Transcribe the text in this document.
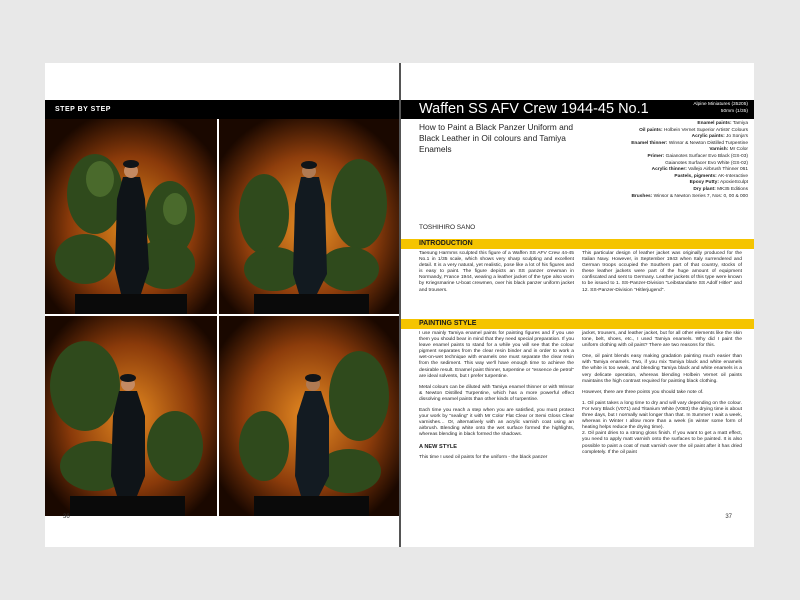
STEP BY STEP
36
Waffen SS AFV Crew 1944-45 No.1	Alpine Miniatures (35205)
50mm (1/35)
How to Paint a Black Panzer Uniform and Black Leather in Oil colours and Tamiya Enamels
Enamel paints: Tamiya
Oil paints: Holbein Vernet Superior Artists' Colours
Acrylic paints: Jo Sonja's
Enamel thinner: Winsor & Newton Distilled Turpentine
Varnish: Mr Color
Primer: Gaianotes Surfacer Evo Black (GS-03)
Gaianotes Surfacer Evo White (GS-02)
Acrylic thinner: Vallejo Airbrush Thinner 061
Pastels, pigments: AK-Interactive
Epoxy Putty: ApoxieSculpt
Dry plant: MK35 Editions
Brushes: Winsor & Newton Series 7, Nos: 0, 00 & 000
TOSHIHIRO SANO

This particular design of leather jacket was originally produced for the Italian Navy. However, in September 1943 when Italy surrendered and German troops occupied the Southern part of that country, stocks of these leather jackets were part of the huge amount of equipment confiscated and sent to Germany. Leather jackets of this type were known to be issued to 1. SS-Panzer-Division "Leibstandarte SS Adolf Hitler" and 12. SS-Panzer-Division "Hitlerjugend".

jacket, trousers, and leather jacket, but for all other elements like the skin tone, belt, shoes, etc., I used Tamiya enamels. Why did I paint the uniform clothing with oil paint? There are two reasons for this.

One, oil paint blends easy making gradation painting much easier than with Tamiya enamels. Two, if you mix Tamiya black and white enamels the white is too weak, and blending Tamiya black and white enamels is a very delicate operation, whereas blending Holbein Vernet oil paints maintains the high contrast required for painting black clothing.

However, there are three points you should take note of.

1. Oil paint takes a long time to dry and will vary depending on the colour. For Ivory Black (V071) and Titanium White (V083) the drying time is about three days, but I normally wait longer than that. In Summer I wait a week, whereas in Winter I allow more than a week (in winter some form of heating helps reduce the drying time).

2. Oil paint dries to a strong gloss finish. If you want to get a matt effect, you need to apply matt varnish onto the surfaces to be painted. It is also possible to paint a coat of matt varnish over the oil paint after it has dried completely. If the oil paint

37
INTRODUCTION

Taesung Harmms sculpted this figure of a Waffen SS AFV Crew 44-45 No.1 in 1/35 scale, which shows very sharp sculpting and excellent detail. It is a very natural, yet realistic, pose like a lot of his figures and is easy to paint. The figure depicts an SS panzer crewman in Normandy, France 1944, wearing a leather jacket of the type also worn by Kriegsmarine U-boat crewmen, over his black panzer uniform jacket and trousers.

PAINTING STYLE

I use mainly Tamiya enamel paints for painting figures and if you use them you should bear in mind that they need special preparation. If you leave enamel paints to stand for a while you will see that the colour pigment separates from the clear resin binder and in order to work a wet-on-wet technique with enamels one must separate the clear resin from the sediment. This way we'll have enough time to achieve the desirable result. Enamel paint thinner, turpentine or "essence de petrol" are ideal solvents, but I prefer turpentine.

Metal colours can be diluted with Tamiya enamel thinner or with Winsor & Newton Distilled Turpentine, which has a more powerful effect dissolving enamel paints than other kinds of turpentine.

Each time you reach a step when you are satisfied, you must protect your work by "sealing" it with Mr Color Flat Clear or Semi Gloss Clear varnishes… Or, alternatively with an acrylic varnish coat using an airbrush. Blending white onto the wet surface formed the highlights, whereas blending in black formed the shadows.

A NEW STYLE

This time I used oil paints for the uniform - the black panzer
